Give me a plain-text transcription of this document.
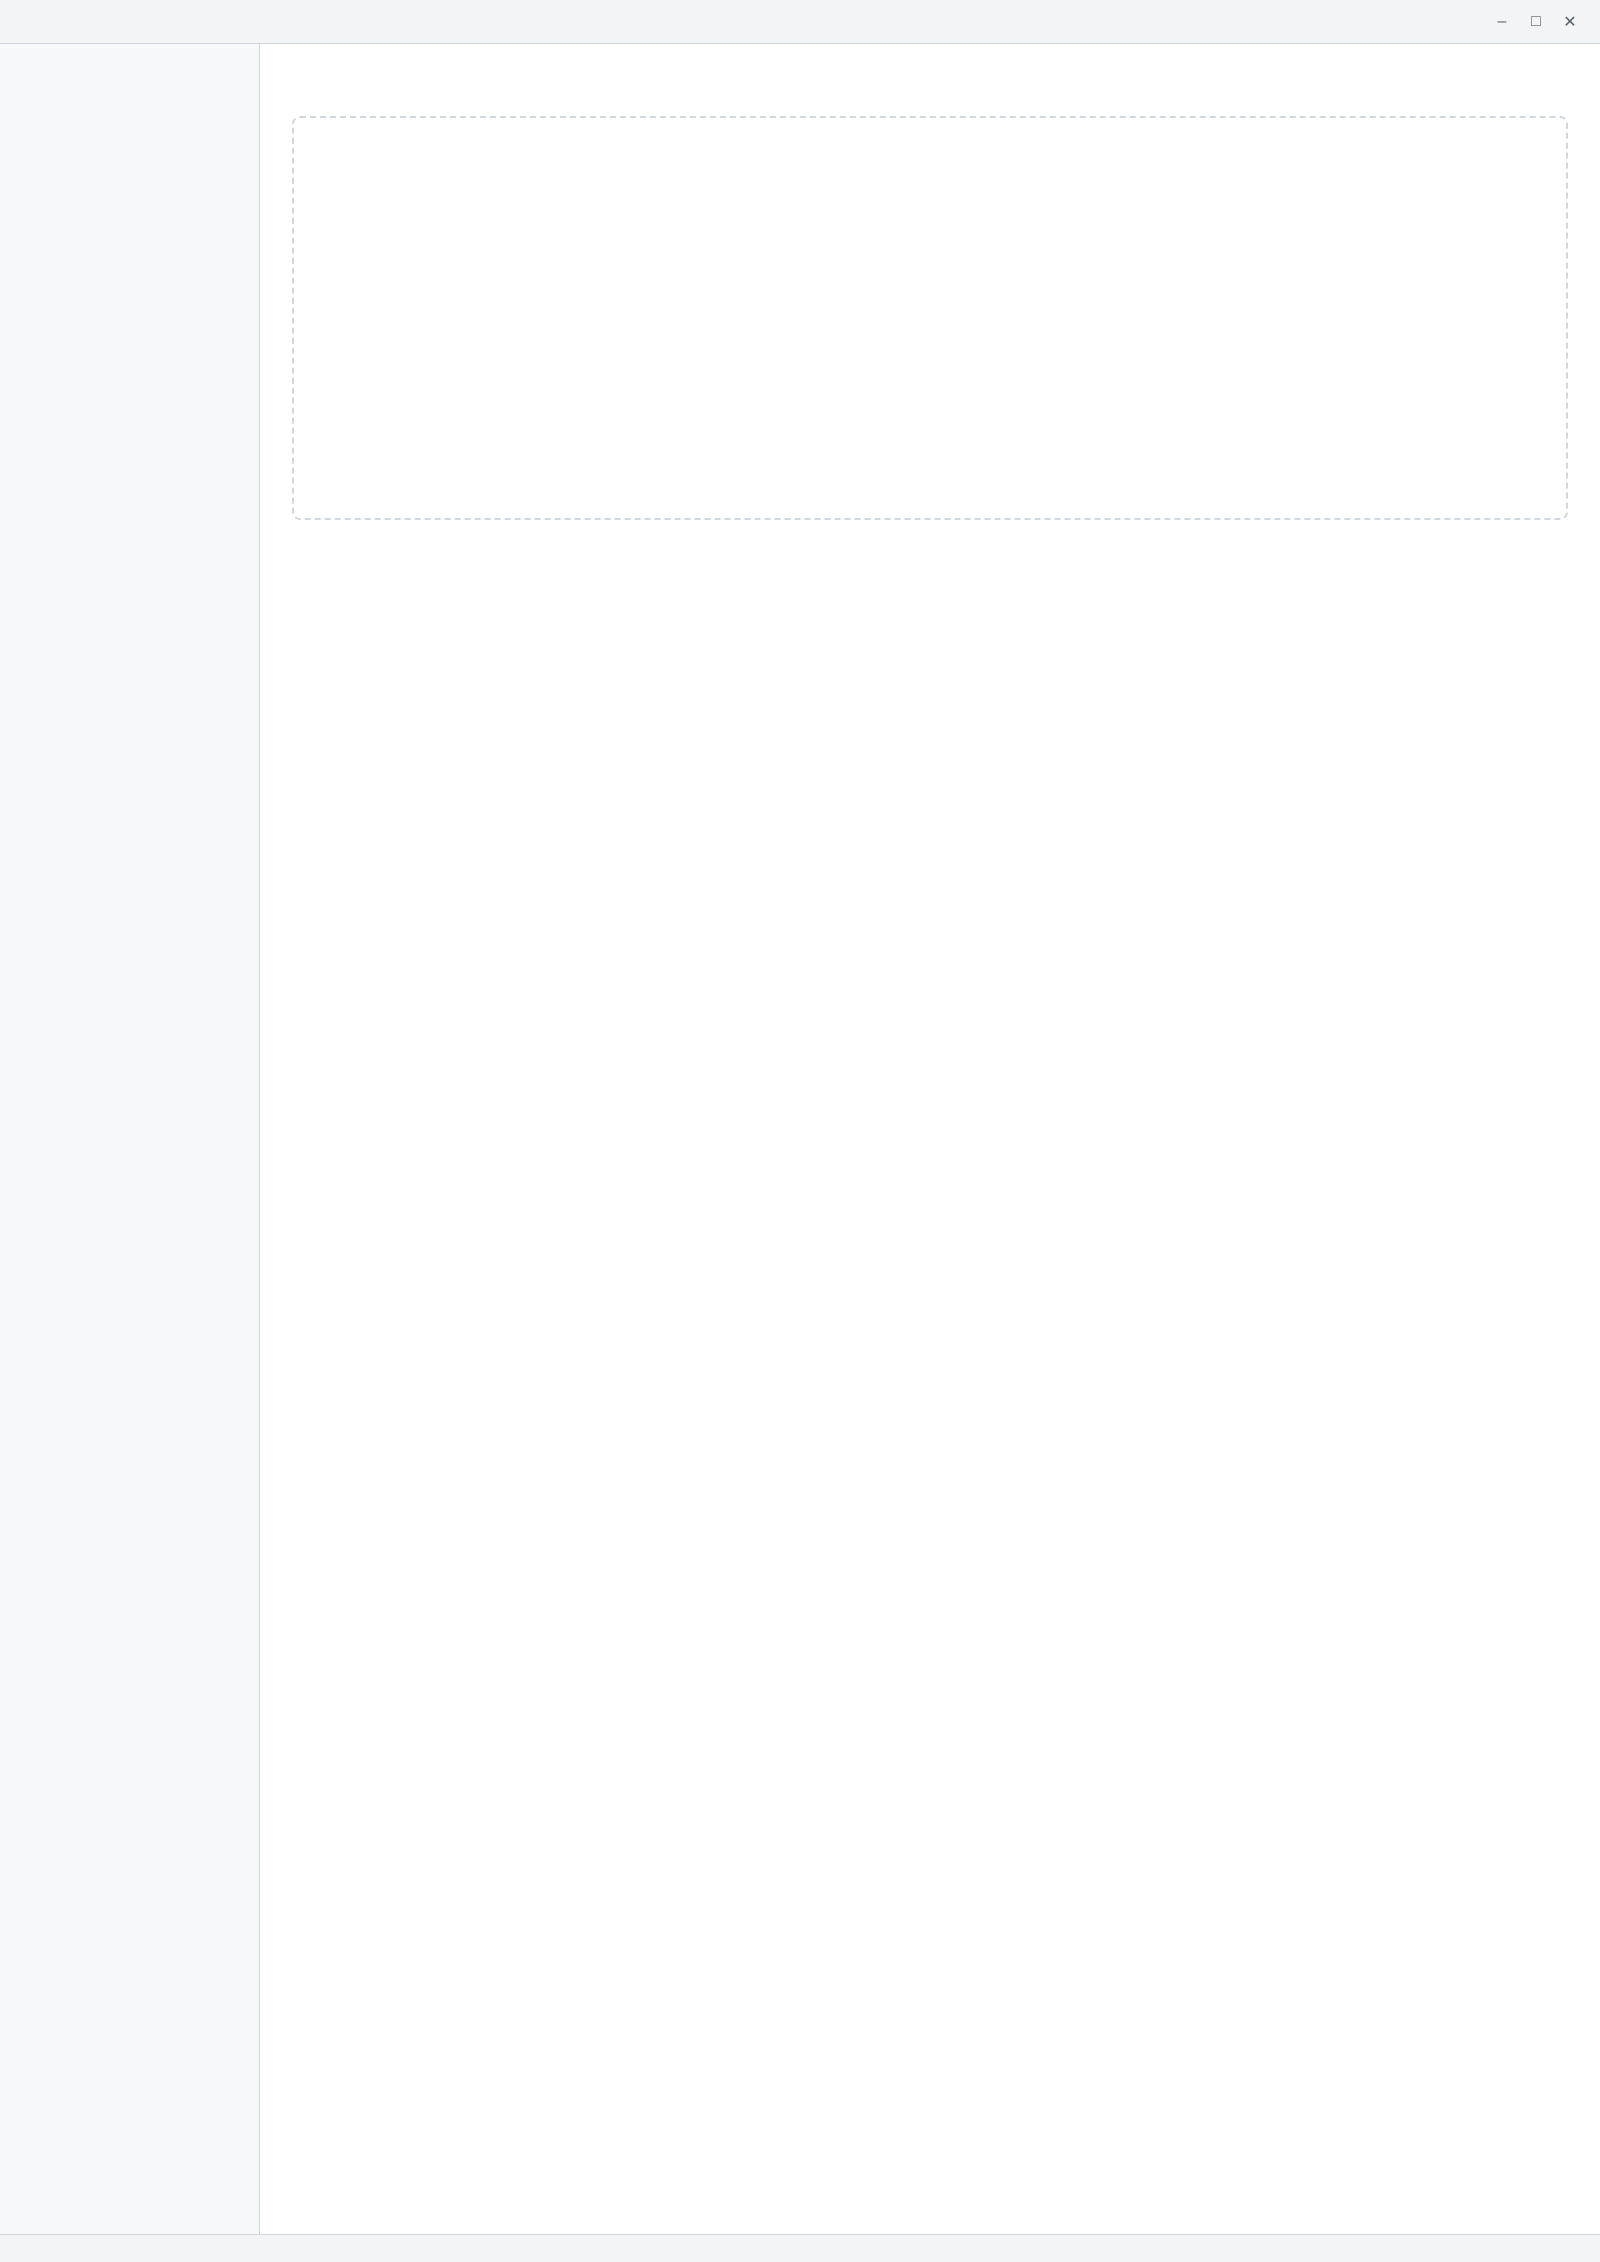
–	□	✕
